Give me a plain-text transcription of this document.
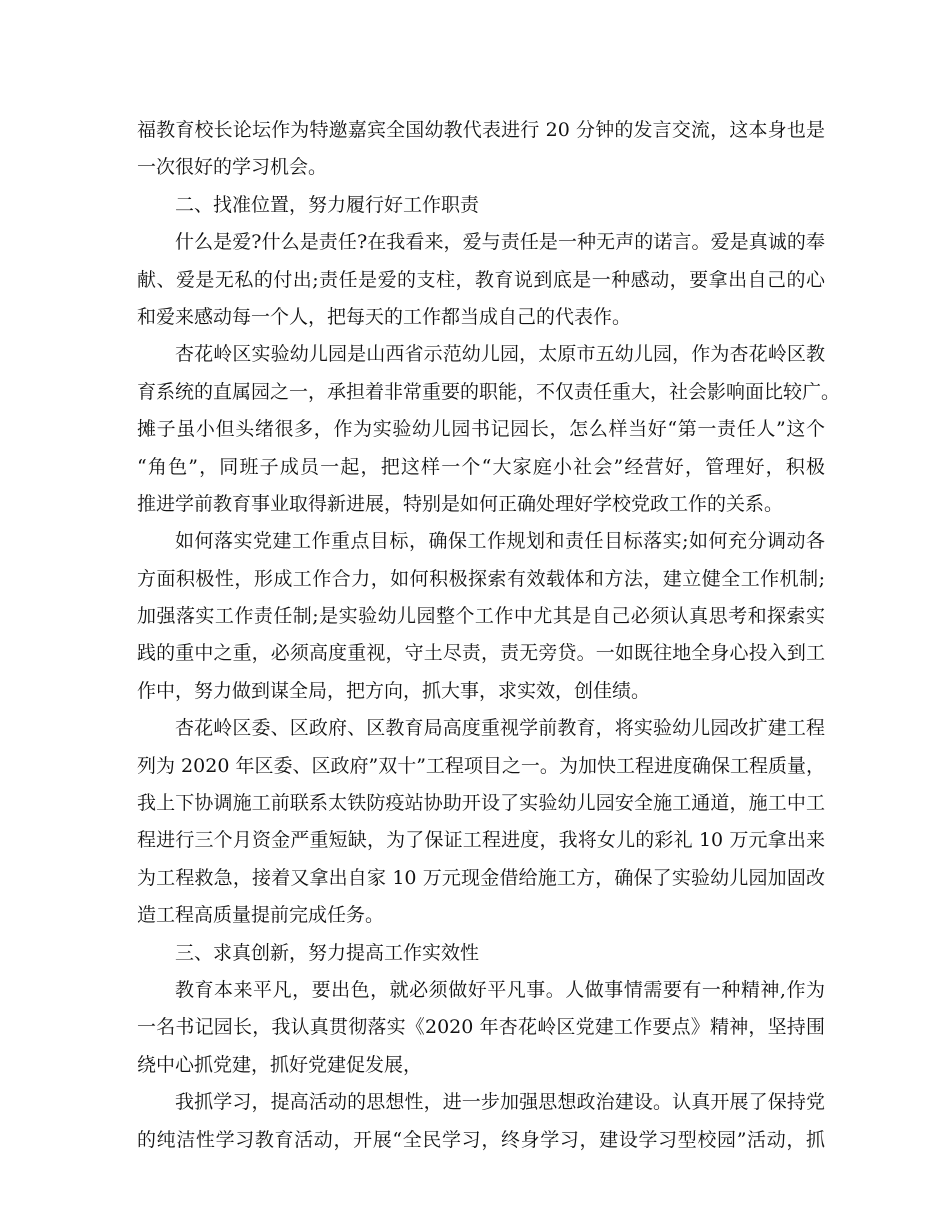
福教育校长论坛作为特邀嘉宾全国幼教代表进行 20 分钟的发言交流，这本身也是
一次很好的学习机会。
二、找准位置，努力履行好工作职责
什么是爱?什么是责任?在我看来，爱与责任是一种无声的诺言。爱是真诚的奉
献、爱是无私的付出;责任是爱的支柱，教育说到底是一种感动，要拿出自己的心
和爱来感动每一个人，把每天的工作都当成自己的代表作。
杏花岭区实验幼儿园是山西省示范幼儿园，太原市五幼儿园，作为杏花岭区教
育系统的直属园之一，承担着非常重要的职能，不仅责任重大，社会影响面比较广。
摊子虽小但头绪很多，作为实验幼儿园书记园长，怎么样当好“第一责任人”这个
“角色”，同班子成员一起，把这样一个“大家庭小社会”经营好，管理好，积极
推进学前教育事业取得新进展，特别是如何正确处理好学校党政工作的关系。
如何落实党建工作重点目标，确保工作规划和责任目标落实;如何充分调动各
方面积极性，形成工作合力，如何积极探索有效载体和方法，建立健全工作机制;
加强落实工作责任制;是实验幼儿园整个工作中尤其是自己必须认真思考和探索实
践的重中之重，必须高度重视，守土尽责，责无旁贷。一如既往地全身心投入到工
作中，努力做到谋全局，把方向，抓大事，求实效，创佳绩。
杏花岭区委、区政府、区教育局高度重视学前教育，将实验幼儿园改扩建工程
列为 2020 年区委、区政府”双十”工程项目之一。为加快工程进度确保工程质量，
我上下协调施工前联系太铁防疫站协助开设了实验幼儿园安全施工通道，施工中工
程进行三个月资金严重短缺，为了保证工程进度，我将女儿的彩礼 10 万元拿出来
为工程救急，接着又拿出自家 10 万元现金借给施工方，确保了实验幼儿园加固改
造工程高质量提前完成任务。
三、求真创新，努力提高工作实效性
教育本来平凡，要出色，就必须做好平凡事。人做事情需要有一种精神,作为
一名书记园长，我认真贯彻落实《2020 年杏花岭区党建工作要点》精神，坚持围
绕中心抓党建，抓好党建促发展，
我抓学习，提高活动的思想性，进一步加强思想政治建设。认真开展了保持党
的纯洁性学习教育活动，开展“全民学习，终身学习，建设学习型校园”活动，抓
